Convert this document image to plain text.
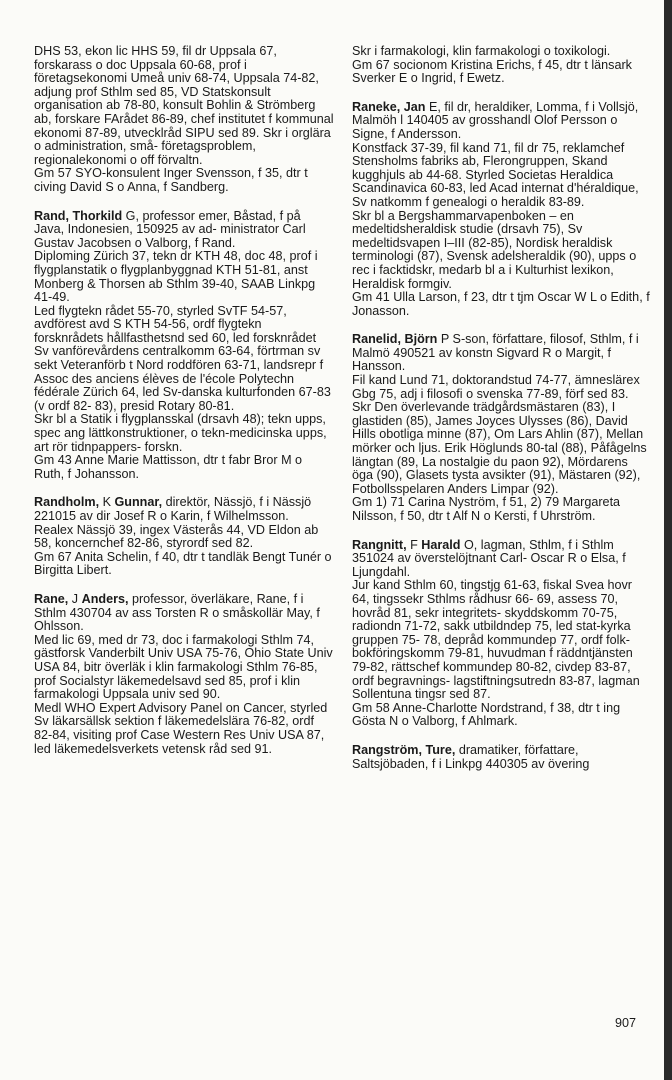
DHS 53, ekon lic HHS 59, fil dr Uppsala 67, forskarass o doc Uppsala 60-68, prof i företagsekonomi Umeå univ 68-74, Uppsala 74-82, adjung prof Sthlm sed 85, VD Statskonsult organisation ab 78-80, konsult Bohlin & Strömberg ab, forskare FArådet 86-89, chef institutet f kommunal ekonomi 87-89, utvecklråd SIPU sed 89. Skr i orglära o administration, små- företagsproblem, regionalekonomi o off förvaltn.

Gm 57 SYO-konsulent Inger Svensson, f 35, dtr t civing David S o Anna, f Sandberg.

Rand, Thorkild G, professor emer, Båstad, f på Java, Indonesien, 150925 av ad- ministrator Carl Gustav Jacobsen o Valborg, f Rand.

Diploming Zürich 37, tekn dr KTH 48, doc 48, prof i flygplanstatik o flygplanbyggnad KTH 51-81, anst Monberg & Thorsen ab Sthlm 39-40, SAAB Linkpg 41-49.

Led flygtekn rådet 55-70, styrled SvTF 54-57, avdförest avd S KTH 54-56, ordf flygtekn forsknrådets hållfasthetsnd sed 60, led forsknrådet Sv vanförevårdens centralkomm 63-64, förtrman sv sekt Veteranförb t Nord roddfören 63-71, landsrepr f Assoc des anciens élèves de l'école Polytechn fédérale Zürich 64, led Sv-danska kulturfonden 67-83 (v ordf 82- 83), presid Rotary 80-81.

Skr bl a Statik i flygplansskal (drsavh 48); tekn upps, spec ang lättkonstruktioner, o tekn-medicinska upps, art rör tidnpappers- forskn.

Gm 43 Anne Marie Mattisson, dtr t fabr Bror M o Ruth, f Johansson.

Randholm, K Gunnar, direktör, Nässjö, f i Nässjö 221015 av dir Josef R o Karin, f Wilhelmsson.

Realex Nässjö 39, ingex Västerås 44, VD Eldon ab 58, koncernchef 82-86, styrordf sed 82.

Gm 67 Anita Schelin, f 40, dtr t tandläk Bengt Tunér o Birgitta Libert.

Rane, J Anders, professor, överläkare, Rane, f i Sthlm 430704 av ass Torsten R o småskollär May, f Ohlsson.

Med lic 69, med dr 73, doc i farmakologi Sthlm 74, gästforsk Vanderbilt Univ USA 75-76, Ohio State Univ USA 84, bitr överläk i klin farmakologi Sthlm 76-85, prof Socialstyr läkemedelsavd sed 85, prof i klin farmakologi Uppsala univ sed 90.

Medl WHO Expert Advisory Panel on Cancer, styrled Sv läkarsällsk sektion f läkemedelslära 76-82, ordf 82-84, visiting prof Case Western Res Univ USA 87, led läkemedelsverkets vetensk råd sed 91.

Skr i farmakologi, klin farmakologi o toxikologi.

Gm 67 socionom Kristina Erichs, f 45, dtr t länsark Sverker E o Ingrid, f Ewetz.

Raneke, Jan E, fil dr, heraldiker, Lomma, f i Vollsjö, Malmöh l 140405 av grosshandl Olof Persson o Signe, f Andersson.

Konstfack 37-39, fil kand 71, fil dr 75, reklamchef Stensholms fabriks ab, Flerongruppen, Skand kugghjuls ab 44-68. Styrled Societas Heraldica Scandinavica 60-83, led Acad internat d'héraldique, Sv natkomm f genealogi o heraldik 83-89.

Skr bl a Bergshammarvapenboken – en medeltidsheraldisk studie (drsavh 75), Sv medeltidsvapen I–III (82-85), Nordisk heraldisk terminologi (87), Svensk adelsheraldik (90), upps o rec i facktidskr, medarb bl a i Kulturhist lexikon, Heraldisk formgiv.

Gm 41 Ulla Larson, f 23, dtr t tjm Oscar W L o Edith, f Jonasson.

Ranelid, Björn P S-son, författare, filosof, Sthlm, f i Malmö 490521 av konstn Sigvard R o Margit, f Hansson.

Fil kand Lund 71, doktorandstud 74-77, ämneslärex Gbg 75, adj i filosofi o svenska 77-89, förf sed 83.

Skr Den överlevande trädgårdsmästaren (83), I glastiden (85), James Joyces Ulysses (86), David Hills obotliga minne (87), Om Lars Ahlin (87), Mellan mörker och ljus. Erik Höglunds 80-tal (88), Påfågelns längtan (89, La nostalgie du paon 92), Mördarens öga (90), Glasets tysta avsikter (91), Mästaren (92), Fotbollsspelaren Anders Limpar (92).

Gm 1) 71 Carina Nyström, f 51, 2) 79 Margareta Nilsson, f 50, dtr t Alf N o Kersti, f Uhrström.

Rangnitt, F Harald O, lagman, Sthlm, f i Sthlm 351024 av överstelöjtnant Carl- Oscar R o Elsa, f Ljungdahl.

Jur kand Sthlm 60, tingstjg 61-63, fiskal Svea hovr 64, tingssekr Sthlms rådhusr 66- 69, assess 70, hovråd 81, sekr integritets- skyddskomm 70-75, radiondn 71-72, sakk utbildndep 75, led stat-kyrka gruppen 75- 78, depråd kommundep 77, ordf folk- bokföringskomm 79-81, huvudman f räddntjänsten 79-82, rättschef kommundep 80-82, civdep 83-87, ordf begravnings- lagstiftningsutredn 83-87, lagman Sollentuna tingsr sed 87.

Gm 58 Anne-Charlotte Nordstrand, f 38, dtr t ing Gösta N o Valborg, f Ahlmark.

Rangström, Ture, dramatiker, författare, Saltsjöbaden, f i Linkpg 440305 av övering

907
